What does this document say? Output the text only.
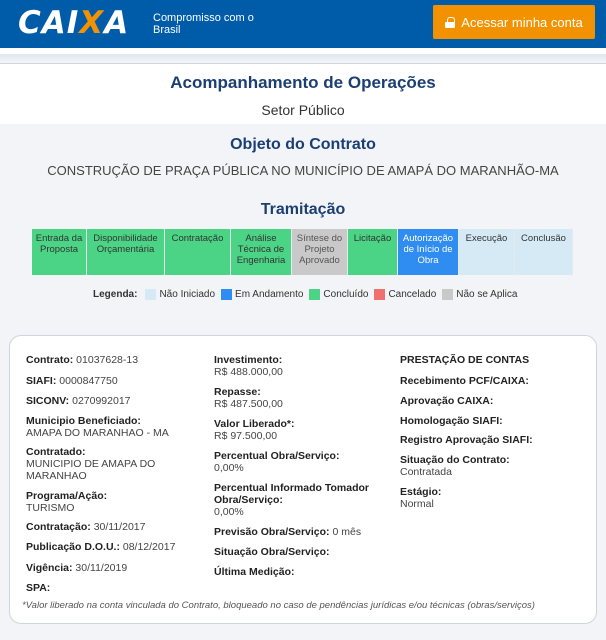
CAIXA Compromisso com o Brasil
Acessar minha conta
Acompanhamento de Operações
Setor Público
Objeto do Contrato
CONSTRUÇÃO DE PRAÇA PÚBLICA NO MUNICÍPIO DE AMAPÁ DO MARANHÃO-MA
Tramitação
Entrada da Proposta
Disponibilidade Orçamentária
Contratação	Análise Técnica de Engenharia
Síntese do Projeto Aprovado
Licitação	Autorização de Início de Obra
Execução	Conclusão
Legenda: Não Iniciado Em Andamento Concluído Cancelado Não se Aplica
Contrato: 01037628-13
SIAFI: 0000847750
SICONV: 0270992017
Municipio Beneficiado:
AMAPA DO MARANHAO - MA
Contratado:
MUNICIPIO DE AMAPA DO MARANHAO
Programa/Ação:
TURISMO
Contratação: 30/11/2017
Publicação D.O.U.: 08/12/2017
Vigência: 30/11/2019
SPA:
Investimento:
R$ 488.000,00
Repasse:
R$ 487.500,00
Valor Liberado*:
R$ 97.500,00
Percentual Obra/Serviço:
0,00%
Percentual Informado Tomador Obra/Serviço:
0,00%
Previsão Obra/Serviço: 0 mês
Situação Obra/Serviço:
Última Medição:
PRESTAÇÃO DE CONTAS
Recebimento PCF/CAIXA:
Aprovação CAIXA:
Homologação SIAFI:
Registro Aprovação SIAFI:
Situação do Contrato:
Contratada
Estágio:
Normal
*Valor liberado na conta vinculada do Contrato, bloqueado no caso de pendências jurídicas e/ou técnicas (obras/serviços)
